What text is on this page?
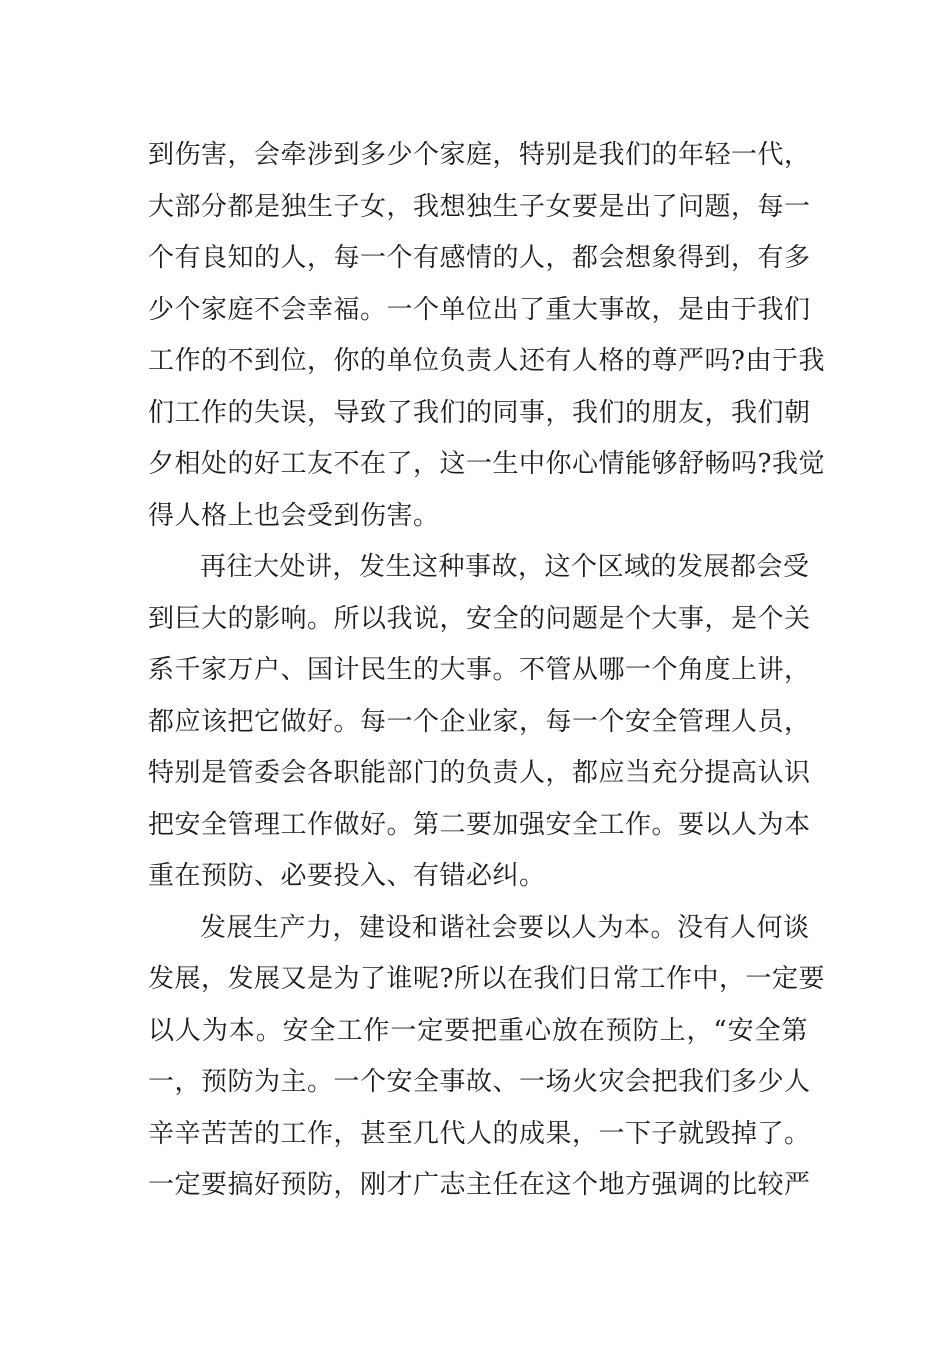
到伤害，会牵涉到多少个家庭，特别是我们的年轻一代，
大部分都是独生子女，我想独生子女要是出了问题，每一
个有良知的人，每一个有感情的人，都会想象得到，有多
少个家庭不会幸福。一个单位出了重大事故，是由于我们
工作的不到位，你的单位负责人还有人格的尊严吗?由于我
们工作的失误，导致了我们的同事，我们的朋友，我们朝
夕相处的好工友不在了，这一生中你心情能够舒畅吗?我觉
得人格上也会受到伤害。
再往大处讲，发生这种事故，这个区域的发展都会受
到巨大的影响。所以我说，安全的问题是个大事，是个关
系千家万户、国计民生的大事。不管从哪一个角度上讲，
都应该把它做好。每一个企业家，每一个安全管理人员，
特别是管委会各职能部门的负责人，都应当充分提高认识
把安全管理工作做好。第二要加强安全工作。要以人为本
重在预防、必要投入、有错必纠。
发展生产力，建设和谐社会要以人为本。没有人何谈
发展，发展又是为了谁呢?所以在我们日常工作中，一定要
以人为本。安全工作一定要把重心放在预防上，“安全第
一，预防为主。一个安全事故、一场火灾会把我们多少人
辛辛苦苦的工作，甚至几代人的成果，一下子就毁掉了。
一定要搞好预防，刚才广志主任在这个地方强调的比较严
